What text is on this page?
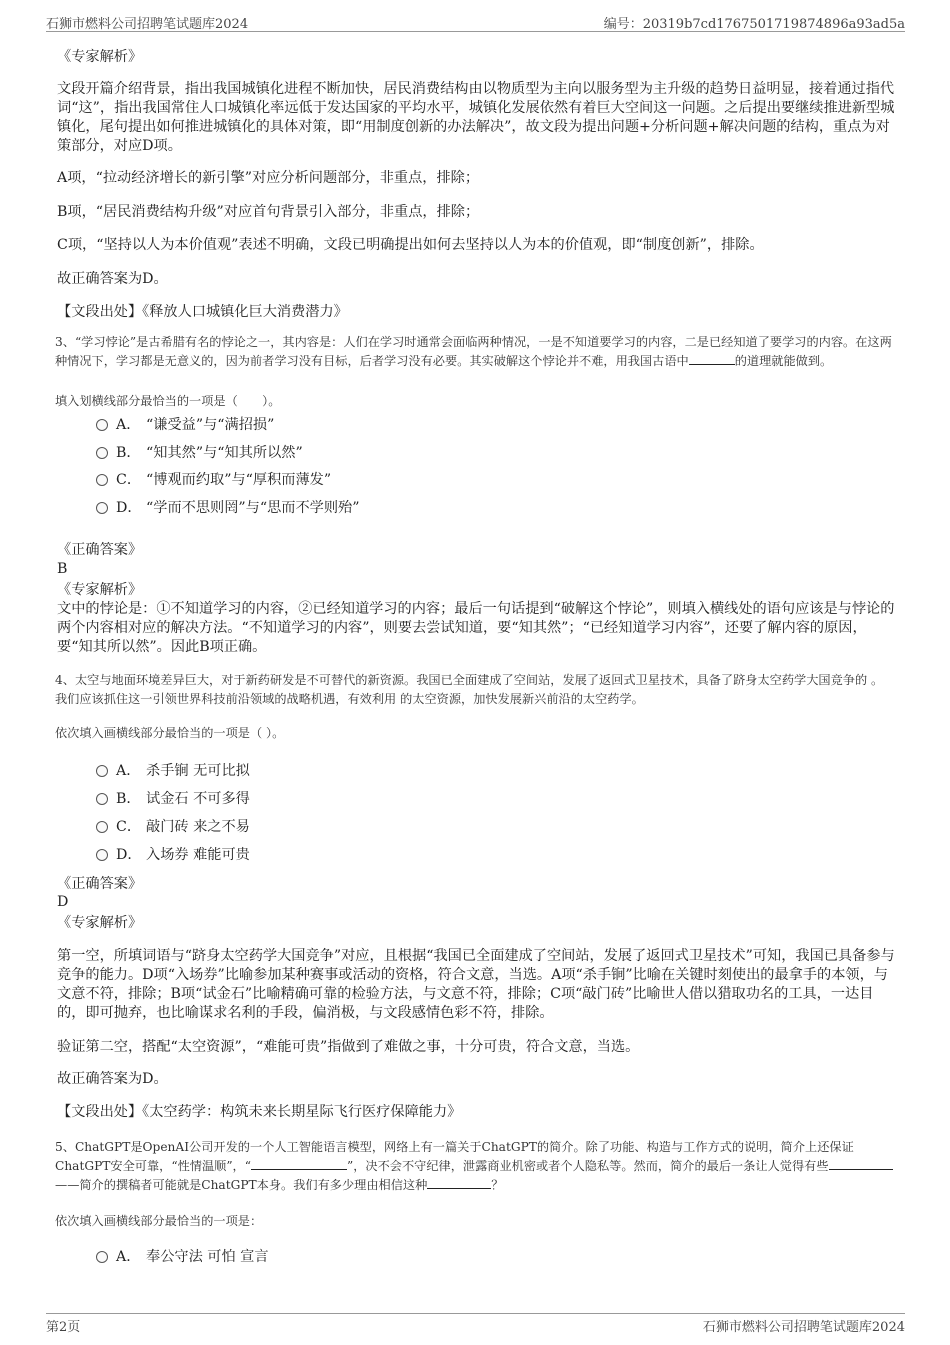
石狮市燃料公司招聘笔试题库2024	编号：20319b7cd1767501719874896a93ad5a

《专家解析》

文段开篇介绍背景，指出我国城镇化进程不断加快，居民消费结构由以物质型为主向以服务型为主升级的趋势日益明显，接着通过指代词“这”，指出我国常住人口城镇化率远低于发达国家的平均水平，城镇化发展依然有着巨大空间这一问题。之后提出要继续推进新型城镇化，尾句提出如何推进城镇化的具体对策，即“用制度创新的办法解决”，故文段为提出问题+分析问题+解决问题的结构，重点为对策部分，对应D项。

A项，“拉动经济增长的新引擎”对应分析问题部分，非重点，排除；

B项，“居民消费结构升级”对应首句背景引入部分，非重点，排除；

C项，“坚持以人为本价值观”表述不明确，文段已明确提出如何去坚持以人为本的价值观，即“制度创新”，排除。

故正确答案为D。

【文段出处】《释放人口城镇化巨大消费潜力》

3、“学习悖论”是古希腊有名的悖论之一，其内容是：人们在学习时通常会面临两种情况，一是不知道要学习的内容，二是已经知道了要学习的内容。在这两种情况下，学习都是无意义的，因为前者学习没有目标，后者学习没有必要。其实破解这个悖论并不难，用我国古语中	的道理就能做到。

填入划横线部分最恰当的一项是（　　）。

A． “谦受益”与“满招损”
B． “知其然”与“知其所以然”
C． “博观而约取”与“厚积而薄发”
D． “学而不思则罔”与“思而不学则殆”

《正确答案》

B

《专家解析》

文中的悖论是：①不知道学习的内容，②已经知道学习的内容；最后一句话提到“破解这个悖论”，则填入横线处的语句应该是与悖论的两个内容相对应的解决方法。“不知道学习的内容”，则要去尝试知道，要“知其然”；“已经知道学习内容”，还要了解内容的原因，要“知其所以然”。因此B项正确。

4、太空与地面环境差异巨大，对于新药研发是不可替代的新资源。我国已全面建成了空间站，发展了返回式卫星技术，具备了跻身太空药学大国竞争的 。我们应该抓住这一引领世界科技前沿领域的战略机遇，有效利用 的太空资源，加快发展新兴前沿的太空药学。

依次填入画横线部分最恰当的一项是（ ）。

A． 杀手锏 无可比拟
B． 试金石 不可多得
C． 敲门砖 来之不易
D． 入场券 难能可贵

《正确答案》

D

《专家解析》

第一空，所填词语与“跻身太空药学大国竞争”对应，且根据“我国已全面建成了空间站，发展了返回式卫星技术”可知，我国已具备参与竞争的能力。D项“入场券”比喻参加某种赛事或活动的资格，符合文意，当选。A项“杀手锏”比喻在关键时刻使出的最拿手的本领，与文意不符，排除；B项“试金石”比喻精确可靠的检验方法，与文意不符，排除；C项“敲门砖”比喻世人借以猎取功名的工具，一达目的，即可抛弃，也比喻谋求名利的手段，偏消极，与文段感情色彩不符，排除。

验证第二空，搭配“太空资源”，“难能可贵”指做到了难做之事，十分可贵，符合文意，当选。

故正确答案为D。

【文段出处】《太空药学：构筑未来长期星际飞行医疗保障能力》

5、ChatGPT是OpenAI公司开发的一个人工智能语言模型，网络上有一篇关于ChatGPT的简介。除了功能、构造与工作方式的说明，简介上还保证ChatGPT安全可靠，“性情温顺”，“	”，决不会不守纪律，泄露商业机密或者个人隐私等。然而，简介的最后一条让人觉得有些——简介的撰稿者可能就是ChatGPT本身。我们有多少理由相信这种	？

依次填入画横线部分最恰当的一项是：

A． 奉公守法 可怕 宣言
第2页	石狮市燃料公司招聘笔试题库2024
